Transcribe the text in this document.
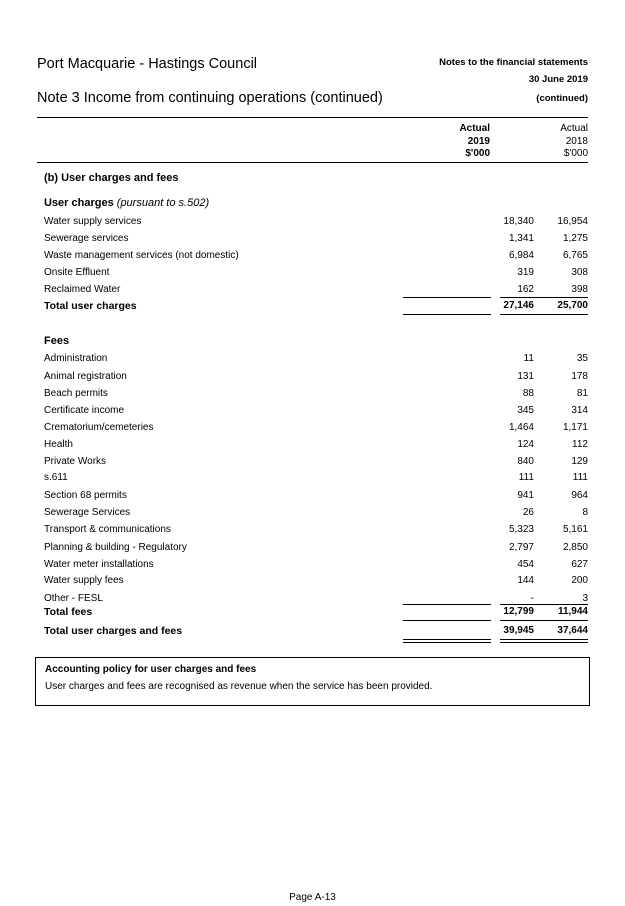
Port Macquarie - Hastings Council
Note 3 Income from continuing operations (continued)
Notes to the financial statements
30 June 2019
(continued)
Actual
2019
$'000
Actual
2018
$'000
(b) User charges and fees
User charges (pursuant to s.502)
Water supply services	18,340 16,954
Sewerage services	1,341	1,275
Waste management services (not domestic)	6,984	6,765
Onsite Effluent	319	308
Reclaimed Water	162	398
Total user charges	27,146 25,700
Fees
Administration	11	35
Animal registration	131	178
Beach permits	88	81
Certificate income	345	314
Crematorium/cemeteries	1,464	1,171
Health	124	112
Private Works	840	129
s.611	111	111
Section 68 permits	941	964
Sewerage Services	26	8
Transport & communications	5,323	5,161
Planning & building - Regulatory	2,797	2,850
Water meter installations	454	627
Water supply fees	144	200
Other - FESL	-	3
Total fees	12,799 11,944
Total user charges and fees	39,945 37,644
Accounting policy for user charges and fees
User charges and fees are recognised as revenue when the service has been provided.
Page A-13
